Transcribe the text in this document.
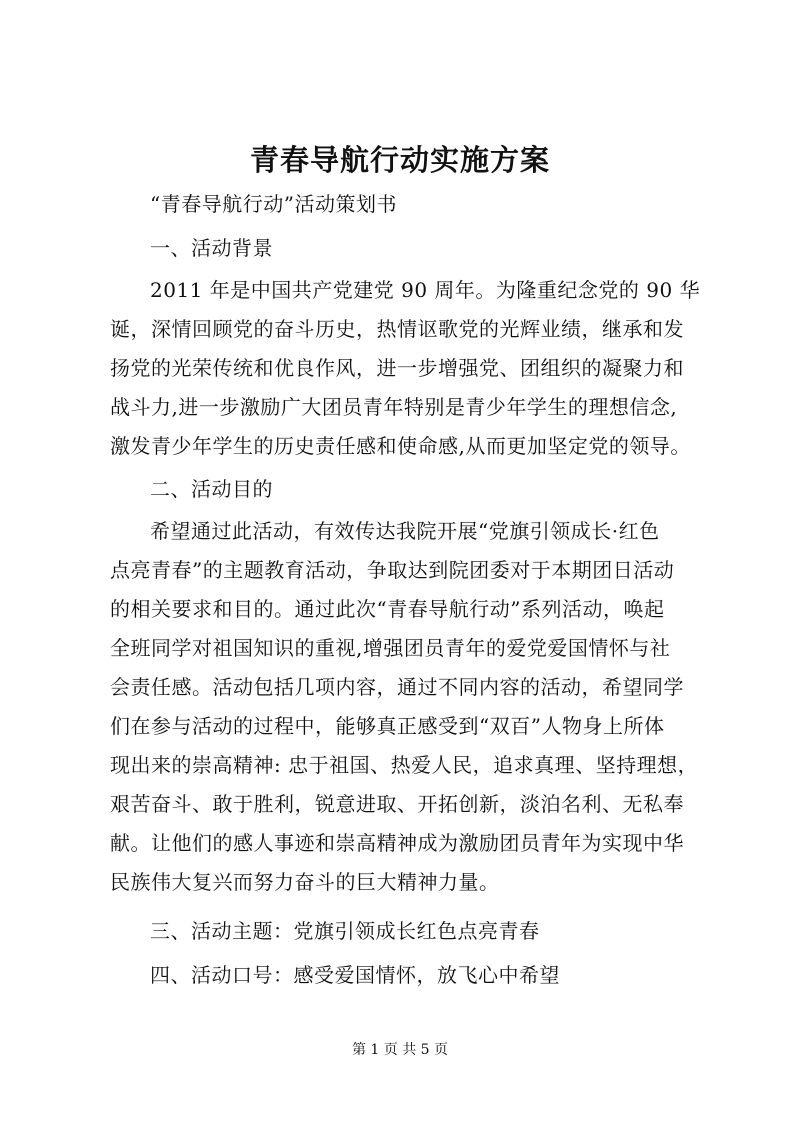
青春导航行动实施方案
“青春导航行动”活动策划书
一、活动背景
2011 年是中国共产党建党 90 周年。为隆重纪念党的 90 华
诞，深情回顾党的奋斗历史，热情讴歌党的光辉业绩，继承和发
扬党的光荣传统和优良作风，进一步增强党、团组织的凝聚力和
战斗力,进一步激励广大团员青年特别是青少年学生的理想信念,
激发青少年学生的历史责任感和使命感,从而更加坚定党的领导。
二、活动目的
希望通过此活动，有效传达我院开展“党旗引领成长·红色
点亮青春”的主题教育活动，争取达到院团委对于本期团日活动
的相关要求和目的。通过此次“青春导航行动”系列活动，唤起
全班同学对祖国知识的重视,增强团员青年的爱党爱国情怀与社
会责任感。活动包括几项内容，通过不同内容的活动，希望同学
们在参与活动的过程中，能够真正感受到“双百”人物身上所体
现出来的崇高精神: 忠于祖国、热爱人民，追求真理、坚持理想，
艰苦奋斗、敢于胜利，锐意进取、开拓创新，淡泊名利、无私奉
献。让他们的感人事迹和崇高精神成为激励团员青年为实现中华
民族伟大复兴而努力奋斗的巨大精神力量。
三、活动主题：党旗引领成长红色点亮青春
四、活动口号：感受爱国情怀，放飞心中希望
第 1 页 共 5 页
